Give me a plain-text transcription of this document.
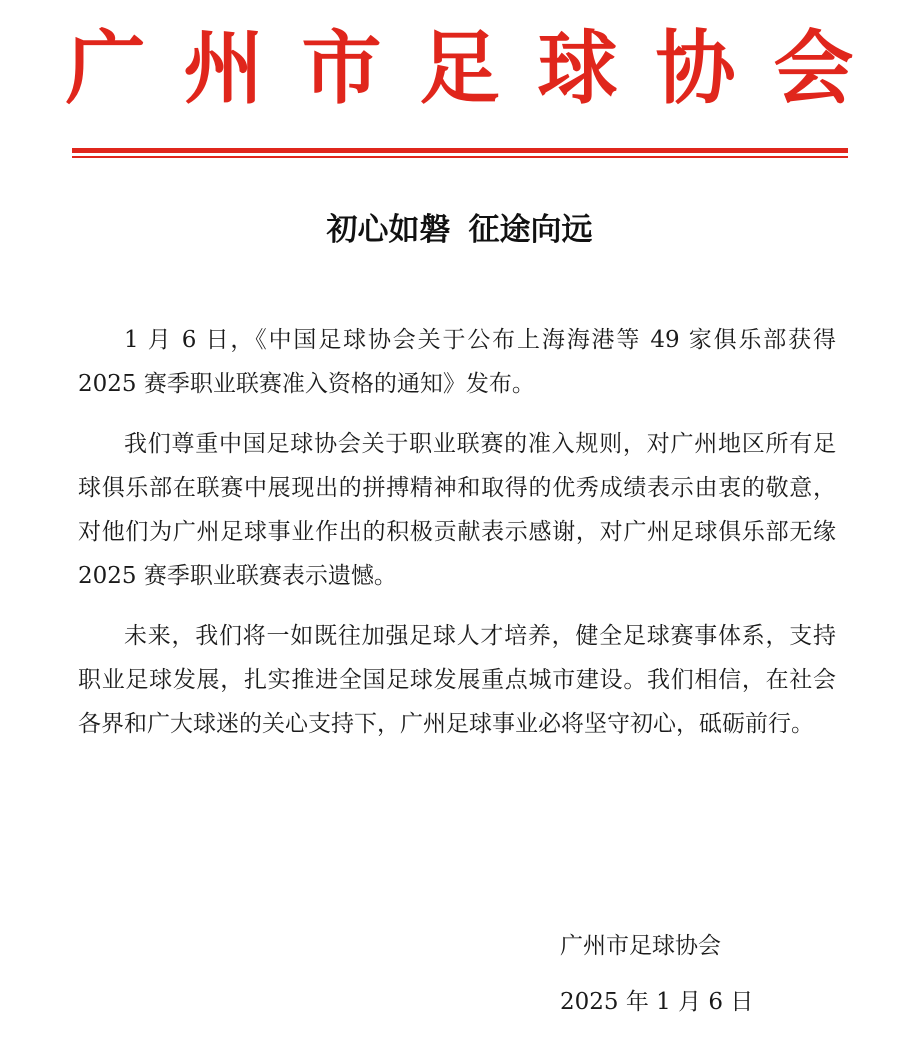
广州市足球协会
初心如磐 征途向远

1 月 6 日，《中国足球协会关于公布上海海港等 49 家俱乐部获得 2025 赛季职业联赛准入资格的通知》发布。

我们尊重中国足球协会关于职业联赛的准入规则，对广州地区所有足球俱乐部在联赛中展现出的拼搏精神和取得的优秀成绩表示由衷的敬意，对他们为广州足球事业作出的积极贡献表示感谢，对广州足球俱乐部无缘 2025 赛季职业联赛表示遗憾。

未来，我们将一如既往加强足球人才培养，健全足球赛事体系，支持职业足球发展，扎实推进全国足球发展重点城市建设。我们相信，在社会各界和广大球迷的关心支持下，广州足球事业必将坚守初心，砥砺前行。

广州市足球协会
2025 年 1 月 6 日
